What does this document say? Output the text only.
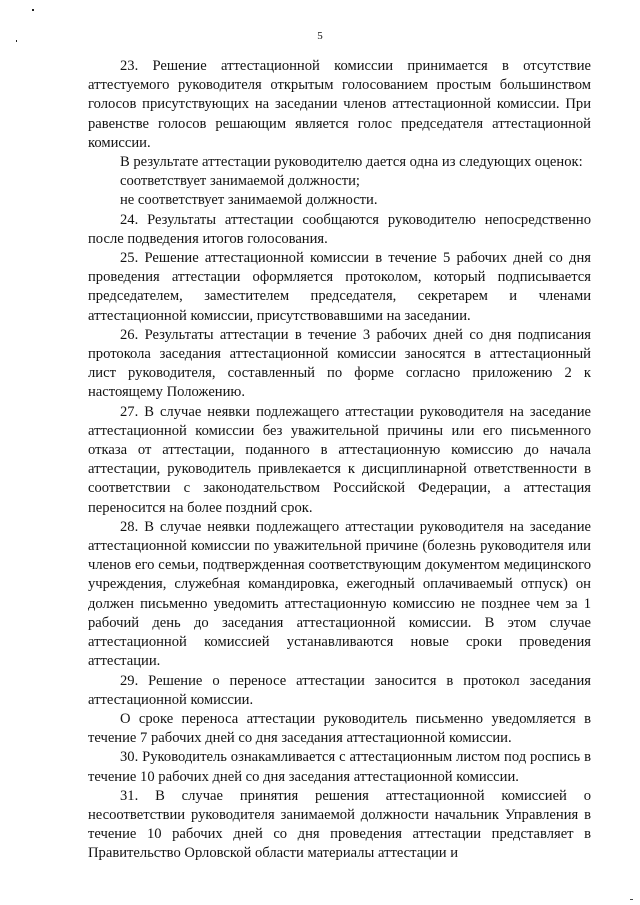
5

23. Решение аттестационной комиссии принимается в отсутствие аттестуемого руководителя открытым голосованием простым большинством голосов присутствующих на заседании членов аттестационной комиссии. При равенстве голосов решающим является голос председателя аттестационной комиссии.

В результате аттестации руководителю дается одна из следующих оценок:

соответствует занимаемой должности;

не соответствует занимаемой должности.

24. Результаты аттестации сообщаются руководителю непосредственно после подведения итогов голосования.

25. Решение аттестационной комиссии в течение 5 рабочих дней со дня проведения аттестации оформляется протоколом, который подписывается председателем, заместителем председателя, секретарем и членами аттестационной комиссии, присутствовавшими на заседании.

26. Результаты аттестации в течение 3 рабочих дней со дня подписания протокола заседания аттестационной комиссии заносятся в аттестационный лист руководителя, составленный по форме согласно приложению 2 к настоящему Положению.

27. В случае неявки подлежащего аттестации руководителя на заседание аттестационной комиссии без уважительной причины или его письменного отказа от аттестации, поданного в аттестационную комиссию до начала аттестации, руководитель привлекается к дисциплинарной ответственности в соответствии с законодательством Российской Федерации, а аттестация переносится на более поздний срок.

28. В случае неявки подлежащего аттестации руководителя на заседание аттестационной комиссии по уважительной причине (болезнь руководителя или членов его семьи, подтвержденная соответствующим документом медицинского учреждения, служебная командировка, ежегодный оплачиваемый отпуск) он должен письменно уведомить аттестационную комиссию не позднее чем за 1 рабочий день до заседания аттестационной комиссии. В этом случае аттестационной комиссией устанавливаются новые сроки проведения аттестации.

29. Решение о переносе аттестации заносится в протокол заседания аттестационной комиссии.

О сроке переноса аттестации руководитель письменно уведомляется в течение 7 рабочих дней со дня заседания аттестационной комиссии.

30. Руководитель ознакамливается с аттестационным листом под роспись в течение 10 рабочих дней со дня заседания аттестационной комиссии.

31. В случае принятия решения аттестационной комиссией о несоответствии руководителя занимаемой должности начальник Управления в течение 10 рабочих дней со дня проведения аттестации представляет в Правительство Орловской области материалы аттестации и
